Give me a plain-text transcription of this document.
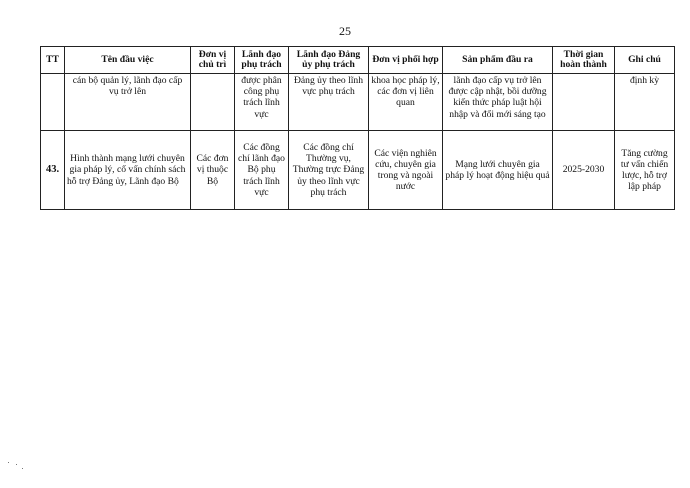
25
TT	Tên đầu việc	Đơn vị chủ trì	Lãnh đạo phụ trách	Lãnh đạo Đảng ủy phụ trách	Đơn vị phối hợp	Sản phẩm đầu ra	Thời gian hoàn thành	Ghi chú
	cán bộ quản lý, lãnh đạo cấp vụ trở lên		được phân công phụ trách lĩnh vực	Đảng ủy theo lĩnh vực phụ trách	khoa học pháp lý, các đơn vị liên quan	lãnh đạo cấp vụ trở lên được cập nhật, bồi dưỡng kiến thức pháp luật hội nhập và đổi mới sáng tạo		định kỳ
43.	Hình thành mạng lưới chuyên gia pháp lý, cố vấn chính sách hỗ trợ Đảng ủy, Lãnh đạo Bộ	Các đơn vị thuộc Bộ	Các đồng chí lãnh đạo Bộ phụ trách lĩnh vực	Các đồng chí Thường vụ, Thường trực Đảng ủy theo lĩnh vực phụ trách	Các viện nghiên cứu, chuyên gia trong và ngoài nước	Mạng lưới chuyên gia pháp lý hoạt động hiệu quả	2025-2030	Tăng cường tư vấn chiến lược, hỗ trợ lập pháp
